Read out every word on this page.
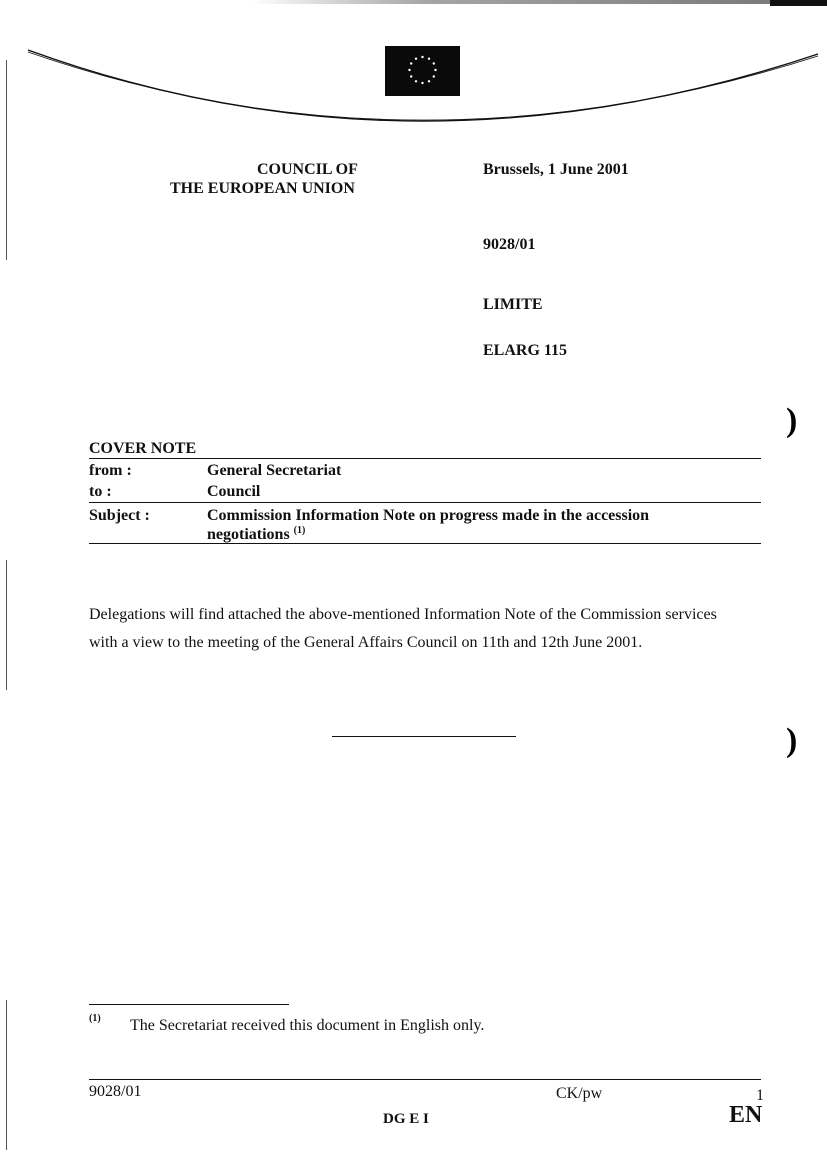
COUNCIL OF
THE EUROPEAN UNION
Brussels, 1 June 2001
9028/01
LIMITE
ELARG 115
COVER NOTE
from :	General Secretariat
to :	Council
Subject :	Commission Information Note on progress made in the accession
negotiations $^{(1)}$
Delegations will find attached the above-mentioned Information Note of the Commission services
with a view to the meeting of the General Affairs Council on 11th and 12th June 2001.
)
)
(1) The Secretariat received this document in English only.
9028/01	CK/pw	1
DG E I	EN
